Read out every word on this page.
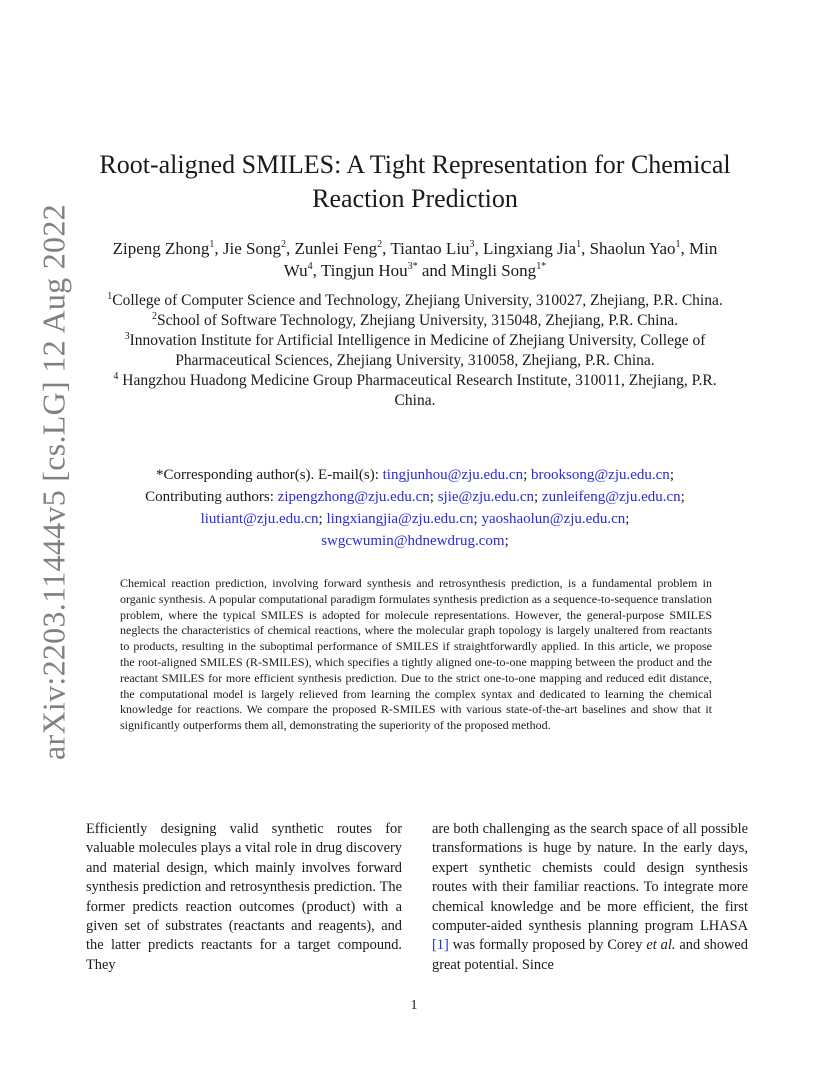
arXiv:2203.11444v5 [cs.LG] 12 Aug 2022
Root-aligned SMILES: A Tight Representation for Chemical
Reaction Prediction
Zipeng Zhong$^1$, Jie Song$^2$, Zunlei Feng$^2$, Tiantao Liu$^3$, Lingxiang Jia$^1$, Shaolun Yao$^1$, Min Wu$^4$, Tingjun Hou$^{3*}$ and Mingli Song$^{1*}$
$^1$College of Computer Science and Technology, Zhejiang University, 310027, Zhejiang, P.R. China.
$^2$School of Software Technology, Zhejiang University, 315048, Zhejiang, P.R. China.
$^3$Innovation Institute for Artificial Intelligence in Medicine of Zhejiang University, College of Pharmaceutical Sciences, Zhejiang University, 310058, Zhejiang, P.R. China.
$^4$ Hangzhou Huadong Medicine Group Pharmaceutical Research Institute, 310011, Zhejiang, P.R. China.
*Corresponding author(s). E-mail(s): tingjunhou@zju.edu.cn; brooksong@zju.edu.cn;
Contributing authors: zipengzhong@zju.edu.cn; sjie@zju.edu.cn; zunleifeng@zju.edu.cn;
liutiant@zju.edu.cn; lingxiangjia@zju.edu.cn; yaoshaolun@zju.edu.cn;
swgcwumin@hdnewdrug.com;
Chemical reaction prediction, involving forward synthesis and retrosynthesis prediction, is a fundamental problem in organic synthesis. A popular computational paradigm formulates synthesis prediction as a sequence-to-sequence translation problem, where the typical SMILES is adopted for molecule representations. However, the general-purpose SMILES neglects the characteristics of chemical reactions, where the molecular graph topology is largely unaltered from reactants to products, resulting in the suboptimal performance of SMILES if straightforwardly applied. In this article, we propose the root-aligned SMILES (R-SMILES), which specifies a tightly aligned one-to-one mapping between the product and the reactant SMILES for more efficient synthesis prediction. Due to the strict one-to-one mapping and reduced edit distance, the computational model is largely relieved from learning the complex syntax and dedicated to learning the chemical knowledge for reactions. We compare the proposed R-SMILES with various state-of-the-art baselines and show that it significantly outperforms them all, demonstrating the superiority of the proposed method.
Efficiently designing valid synthetic routes for valuable molecules plays a vital role in drug discovery and material design, which mainly involves forward synthesis prediction and retrosynthesis prediction. The former predicts reaction outcomes (product) with a given set of substrates (reactants and reagents), and the latter predicts reactants for a target compound. They
are both challenging as the search space of all possible transformations is huge by nature. In the early days, expert synthetic chemists could design synthesis routes with their familiar reactions. To integrate more chemical knowledge and be more efficient, the first computer-aided synthesis planning program LHASA [1] was formally proposed by Corey et al. and showed great potential. Since
1
